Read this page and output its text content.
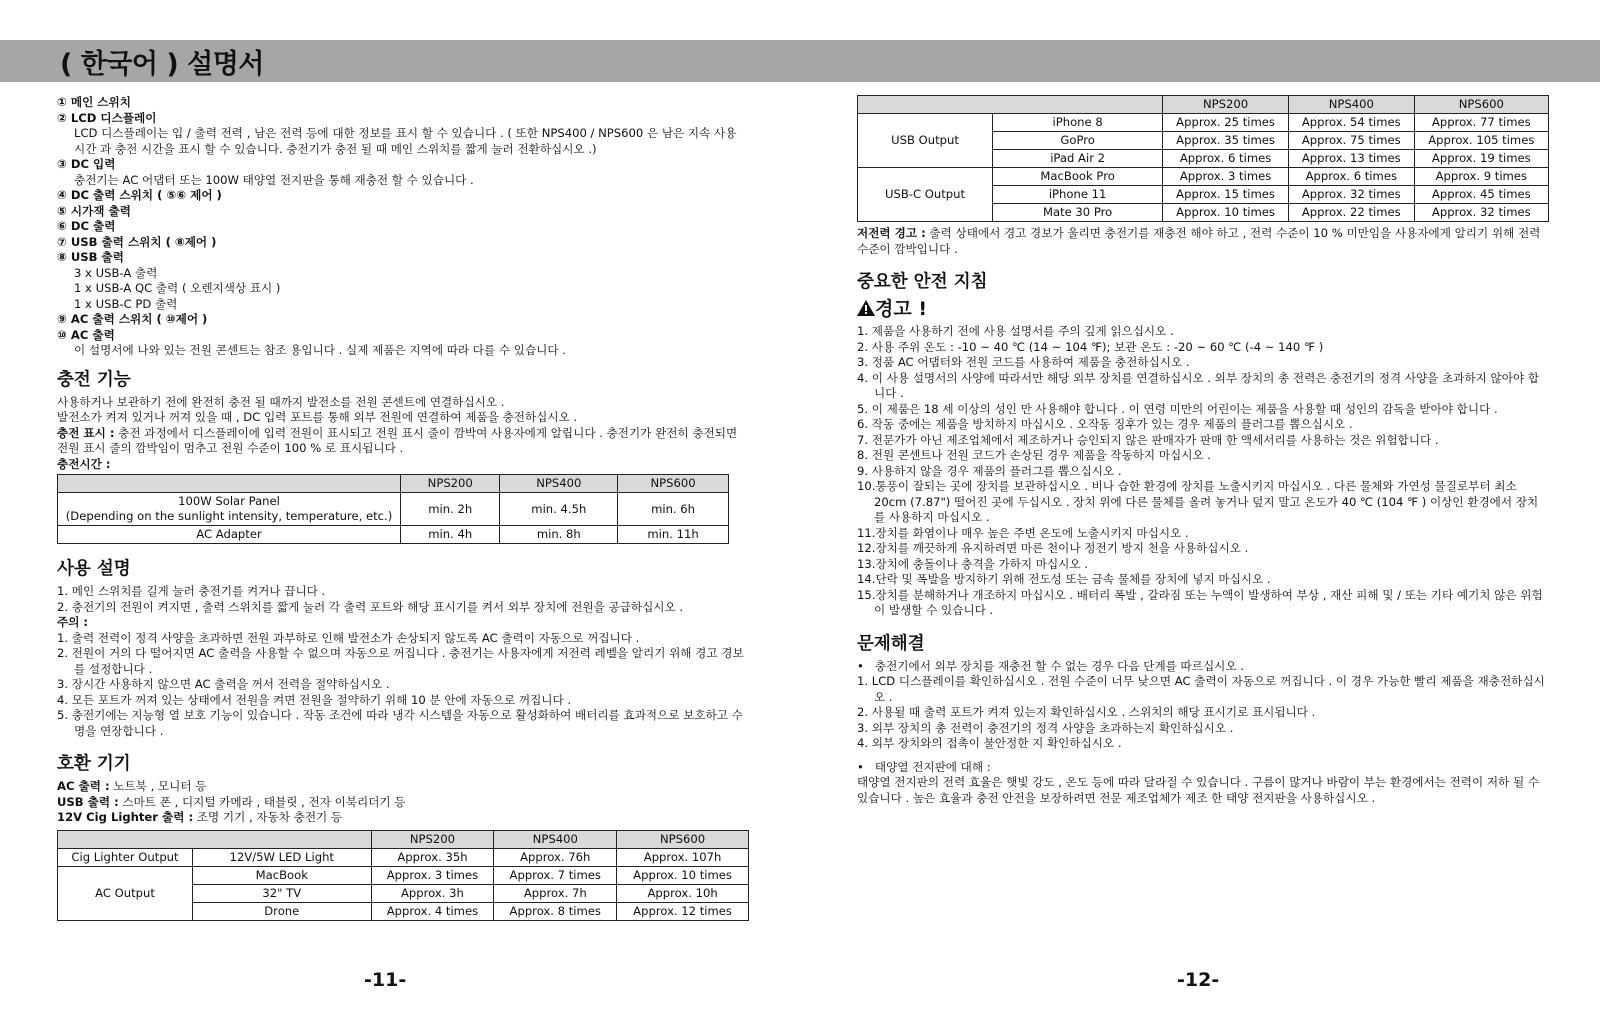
( 한국어 ) 설명서
① 메인 스위치
② LCD 디스플레이
LCD 디스플레이는 입 / 출력 전력 , 남은 전력 등에 대한 정보를 표시 할 수 있습니다 . ( 또한 NPS400 / NPS600 은 남은 지속 사용시간 과 충전 시간을 표시 할 수 있습니다. 충전기가 충전 될 때 메인 스위치를 짧게 눌러 전환하십시오 .)
③ DC 입력
충전기는 AC 어댑터 또는 100W 태양열 전지판을 통해 재충전 할 수 있습니다 .
④ DC 출력 스위치 ( ⑤⑥ 제어 )
⑤ 시가잭 출력
⑥ DC 출력
⑦ USB 출력 스위치 ( ⑧제어 )
⑧ USB 출력
3 x USB-A 출력
1 x USB-A QC 출력 ( 오렌지색상 표시 )
1 x USB-C PD 출력
⑨ AC 출력 스위치 ( ⑩제어 )
⑩ AC 출력
이 설명서에 나와 있는 전원 콘센트는 참조 용입니다 . 실제 제품은 지역에 따라 다를 수 있습니다 .
충전 기능
사용하거나 보관하기 전에 완전히 충전 될 때까지 발전소를 전원 콘센트에 연결하십시오 .
발전소가 켜져 있거나 꺼져 있을 때 , DC 입력 포트를 통해 외부 전원에 연결하여 제품을 충전하십시오 .
충전 표시 : 충전 과정에서 디스플레이에 입력 전원이 표시되고 전원 표시 줄이 깜박여 사용자에게 알립니다 . 충전기가 완전히 충전되면 전원 표시 줄의 깜박임이 멈추고 전원 수준이 100 % 로 표시됩니다 .
충전시간 :
	NPS200	NPS400	NPS600

100W Solar Panel
(Depending on the sunlight intensity, temperature, etc.)	min. 2h	min. 4.5h	min. 6h
AC Adapter	min. 4h	min. 8h	min. 11h
사용 설명
1. 메인 스위치를 길게 눌러 충전기를 켜거나 끕니다 .
2. 충전기의 전원이 켜지면 , 출력 스위치를 짧게 눌러 각 출력 포트와 해당 표시기를 켜서 외부 장치에 전원을 공급하십시오 .
주의 :
1. 출력 전력이 정격 사양을 초과하면 전원 과부하로 인해 발전소가 손상되지 않도록 AC 출력이 자동으로 꺼집니다 .
2. 전원이 거의 다 떨어지면 AC 출력을 사용할 수 없으며 자동으로 꺼집니다 . 충전기는 사용자에게 저전력 레벨을 알리기 위해 경고 경보를 설정합니다 .
3. 장시간 사용하지 않으면 AC 출력을 꺼서 전력을 절약하십시오 .
4. 모든 포트가 꺼져 있는 상태에서 전원을 켜면 전원을 절약하기 위해 10 분 안에 자동으로 꺼집니다 .
5. 충전기에는 지능형 열 보호 기능이 있습니다 . 작동 조건에 따라 냉각 시스템을 자동으로 활성화하여 배터리를 효과적으로 보호하고 수명을 연장합니다 .
호환 기기
AC 출력 : 노트북 , 모니터 등
USB 출력 : 스마트 폰 , 디지털 카메라 , 태블릿 , 전자 이북리더기 등
12V Cig Lighter 출력 : 조명 기기 , 자동차 충전기 등
		NPS200	NPS400	NPS600
Cig Lighter Output	12V/5W LED Light	Approx. 35h	Approx. 76h	Approx. 107h
AC Output	MacBook	Approx. 3 times	Approx. 7 times	Approx. 10 times
	32" TV	Approx. 3h	Approx. 7h	Approx. 10h
	Drone	Approx. 4 times	Approx. 8 times	Approx. 12 times
-11-
		NPS200	NPS400	NPS600
USB Output	iPhone 8	Approx. 25 times	Approx. 54 times	Approx. 77 times
	GoPro	Approx. 35 times	Approx. 75 times	Approx. 105 times
	iPad Air 2	Approx. 6 times	Approx. 13 times	Approx. 19 times
USB-C Output	MacBook Pro	Approx. 3 times	Approx. 6 times	Approx. 9 times
	iPhone 11	Approx. 15 times	Approx. 32 times	Approx. 45 times
	Mate 30 Pro	Approx. 10 times	Approx. 22 times	Approx. 32 times
저전력 경고 : 출력 상태에서 경고 경보가 울리면 충전기를 재충전 해야 하고 , 전력 수준이 10 % 미만임을 사용자에게 알리기 위해 전력 수준이 깜박입니다 .
중요한 안전 지침
경고 !
1. 제품을 사용하기 전에 사용 설명서를 주의 깊게 읽으십시오 .
2. 사용 주위 온도 : -10 ~ 40 ℃ (14 ~ 104 ℉); 보관 온도 : -20 ~ 60 ℃ (-4 ~ 140 ℉ )
3. 정품 AC 어댑터와 전원 코드를 사용하여 제품을 충전하십시오 .
4. 이 사용 설명서의 사양에 따라서만 해당 외부 장치를 연결하십시오 . 외부 장치의 총 전력은 충전기의 정격 사양을 초과하지 않아야 합니다 .
5. 이 제품은 18 세 이상의 성인 만 사용해야 합니다 . 이 연령 미만의 어린이는 제품을 사용할 때 성인의 감독을 받아야 합니다 .
6. 작동 중에는 제품을 방치하지 마십시오 . 오작동 징후가 있는 경우 제품의 플러그를 뽑으십시오 .
7. 전문가가 아닌 제조업체에서 제조하거나 승인되지 않은 판매자가 판매 한 액세서리를 사용하는 것은 위험합니다 .
8. 전원 콘센트나 전원 코드가 손상된 경우 제품을 작동하지 마십시오 .
9. 사용하지 않을 경우 제품의 플러그를 뽑으십시오 .
10.통풍이 잘되는 곳에 장치를 보관하십시오 . 비나 습한 환경에 장치를 노출시키지 마십시오 . 다른 물체와 가연성 물질로부터 최소 20cm (7.87") 떨어진 곳에 두십시오 . 장치 위에 다른 물체를 올려 놓거나 덮지 말고 온도가 40 ℃ (104 ℉ ) 이상인 환경에서 장치를 사용하지 마십시오 .
11.장치를 화염이나 매우 높은 주변 온도에 노출시키지 마십시오 .
12.장치를 깨끗하게 유지하려면 마른 천이나 정전기 방지 천을 사용하십시오 .
13.장치에 충돌이나 충격을 가하지 마십시오 .
14.단락 및 폭발을 방지하기 위해 전도성 또는 금속 물체를 장치에 넣지 마십시오 .
15.장치를 분해하거나 개조하지 마십시오 . 배터리 폭발 , 갈라짐 또는 누액이 발생하여 부상 , 재산 피해 및 / 또는 기타 예기치 않은 위험이 발생할 수 있습니다 .
문제해결
•   충전기에서 외부 장치를 재충전 할 수 없는 경우 다음 단계를 따르십시오 .
1. LCD 디스플레이를 확인하십시오 . 전원 수준이 너무 낮으면 AC 출력이 자동으로 꺼집니다 . 이 경우 가능한 빨리 제품을 재충전하십시오 .
2. 사용될 때 출력 포트가 켜져 있는지 확인하십시오 . 스위치의 해당 표시기로 표시됩니다 .
3. 외부 장치의 총 전력이 충전기의 정격 사양을 초과하는지 확인하십시오 .
4. 외부 장치와의 접촉이 불안정한 지 확인하십시오 .
•   태양열 전지판에 대해 :
태양열 전지판의 전력 효율은 햇빛 강도 , 온도 등에 따라 달라질 수 있습니다 . 구름이 많거나 바람이 부는 환경에서는 전력이 저하 될 수 있습니다 . 높은 효율과 충전 안전을 보장하려면 전문 제조업체가 제조 한 태양 전지판을 사용하십시오 .
-12-
